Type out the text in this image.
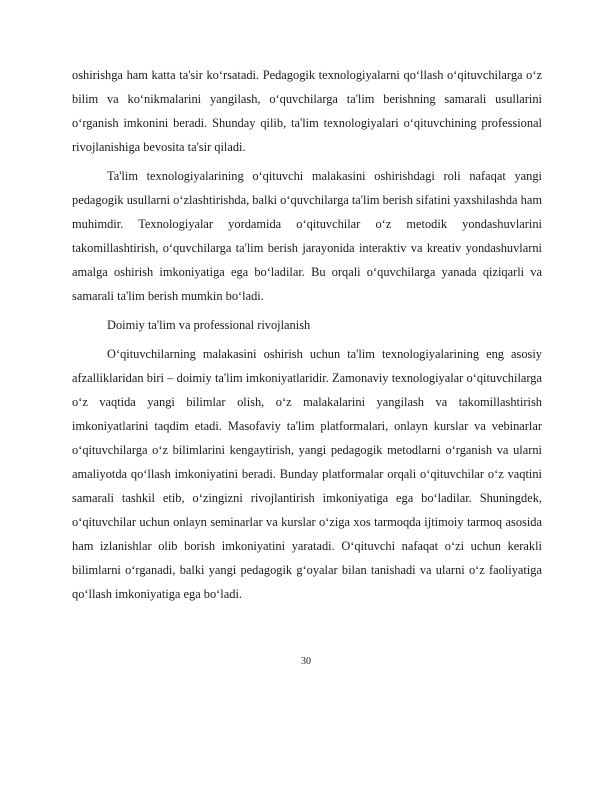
oshirishga ham katta ta'sir ko‘rsatadi. Pedagogik texnologiyalarni qo‘llash o‘qituvchilarga o‘z bilim va ko‘nikmalarini yangilash, o‘quvchilarga ta'lim berishning samarali usullarini o‘rganish imkonini beradi. Shunday qilib, ta'lim texnologiyalari o‘qituvchining professional rivojlanishiga bevosita ta'sir qiladi.

Ta'lim texnologiyalarining o‘qituvchi malakasini oshirishdagi roli nafaqat yangi pedagogik usullarni o‘zlashtirishda, balki o‘quvchilarga ta'lim berish sifatini yaxshilashda ham muhimdir. Texnologiyalar yordamida o‘qituvchilar o‘z metodik yondashuvlarini takomillashtirish, o‘quvchilarga ta'lim berish jarayonida interaktiv va kreativ yondashuvlarni amalga oshirish imkoniyatiga ega bo‘ladilar. Bu orqali o‘quvchilarga yanada qiziqarli va samarali ta'lim berish mumkin bo‘ladi.

Doimiy ta'lim va professional rivojlanish

O‘qituvchilarning malakasini oshirish uchun ta'lim texnologiyalarining eng asosiy afzalliklaridan biri – doimiy ta'lim imkoniyatlaridir. Zamonaviy texnologiyalar o‘qituvchilarga o‘z vaqtida yangi bilimlar olish, o‘z malakalarini yangilash va takomillashtirish imkoniyatlarini taqdim etadi. Masofaviy ta'lim platformalari, onlayn kurslar va vebinarlar o‘qituvchilarga o‘z bilimlarini kengaytirish, yangi pedagogik metodlarni o‘rganish va ularni amaliyotda qo‘llash imkoniyatini beradi. Bunday platformalar orqali o‘qituvchilar o‘z vaqtini samarali tashkil etib, o‘zingizni rivojlantirish imkoniyatiga ega bo‘ladilar. Shuningdek, o‘qituvchilar uchun onlayn seminarlar va kurslar o‘ziga xos tarmoqda ijtimoiy tarmoq asosida ham izlanishlar olib borish imkoniyatini yaratadi. O‘qituvchi nafaqat o‘zi uchun kerakli bilimlarni o‘rganadi, balki yangi pedagogik g‘oyalar bilan tanishadi va ularni o‘z faoliyatiga qo‘llash imkoniyatiga ega bo‘ladi.

30
